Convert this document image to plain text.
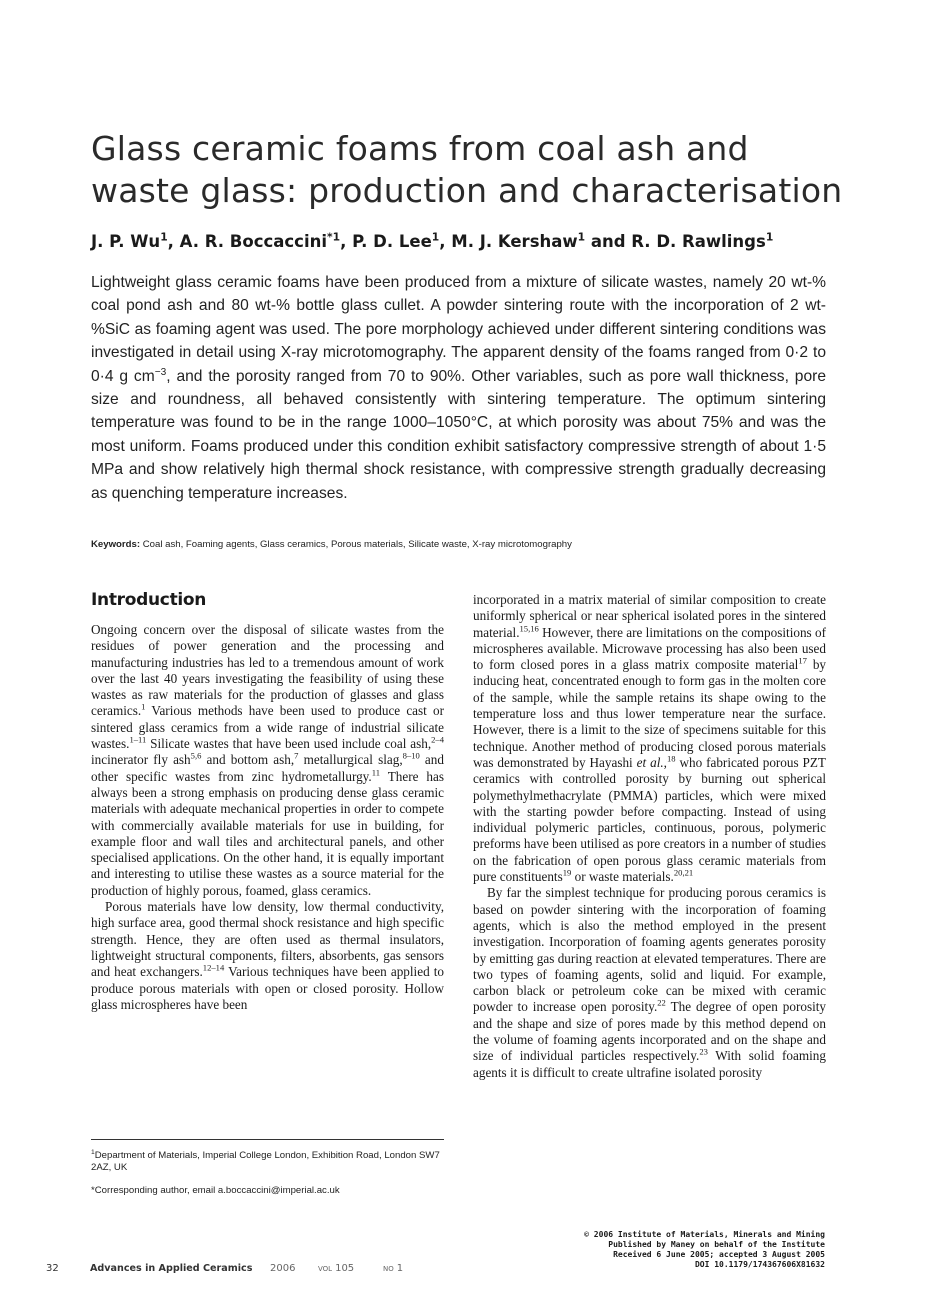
Glass ceramic foams from coal ash and waste glass: production and characterisation
J. P. Wu$^1$, A. R. Boccaccini$^{*1}$, P. D. Lee$^1$, M. J. Kershaw$^1$ and R. D. Rawlings$^1$
Lightweight glass ceramic foams have been produced from a mixture of silicate wastes, namely 20 wt-% coal pond ash and 80 wt-% bottle glass cullet. A powder sintering route with the incorporation of 2 wt-%SiC as foaming agent was used. The pore morphology achieved under different sintering conditions was investigated in detail using X-ray microtomography. The apparent density of the foams ranged from 0·2 to 0·4 g $cm^{-3}$, and the porosity ranged from 70 to 90%. Other variables, such as pore wall thickness, pore size and roundness, all behaved consistently with sintering temperature. The optimum sintering temperature was found to be in the range 1000–1050°C, at which porosity was about 75% and was the most uniform. Foams produced under this condition exhibit satisfactory compressive strength of about 1·5 MPa and show relatively high thermal shock resistance, with compressive strength gradually decreasing as quenching temperature increases.
Keywords: Coal ash, Foaming agents, Glass ceramics, Porous materials, Silicate waste, X-ray microtomography
Introduction

Ongoing concern over the disposal of silicate wastes from the residues of power generation and the processing and manufacturing industries has led to a tremendous amount of work over the last 40 years investigating the feasibility of using these wastes as raw materials for the production of glasses and glass ceramics.$^1$ Various methods have been used to produce cast or sintered glass ceramics from a wide range of industrial silicate wastes.$^{1-11}$ Silicate wastes that have been used include coal ash,$^{2-4}$ incinerator fly ash$^{5,6}$ and bottom ash,$^7$ metallurgical slag,$^{8-10}$ and other specific wastes from zinc hydrometallurgy.$^{11}$ There has always been a strong emphasis on producing dense glass ceramic materials with adequate mechanical properties in order to compete with commercially available materials for use in building, for example floor and wall tiles and architectural panels, and other specialised applications. On the other hand, it is equally important and interesting to utilise these wastes as a source material for the production of highly porous, foamed, glass ceramics.

Porous materials have low density, low thermal conductivity, high surface area, good thermal shock resistance and high specific strength. Hence, they are often used as thermal insulators, lightweight structural components, filters, absorbents, gas sensors and heat exchangers.$^{12-14}$ Various techniques have been applied to produce porous materials with open or closed porosity. Hollow glass microspheres have been

incorporated in a matrix material of similar composition to create uniformly spherical or near spherical isolated pores in the sintered material.$^{15,16}$ However, there are limitations on the compositions of microspheres available. Microwave processing has also been used to form closed pores in a glass matrix composite material$^{17}$ by inducing heat, concentrated enough to form gas in the molten core of the sample, while the sample retains its shape owing to the temperature loss and thus lower temperature near the surface. However, there is a limit to the size of specimens suitable for this technique. Another method of producing closed porous materials was demonstrated by Hayashi et al.,$^{18}$ who fabricated porous PZT ceramics with controlled porosity by burning out spherical polymethylmethacrylate (PMMA) particles, which were mixed with the starting powder before compacting. Instead of using individual polymeric particles, continuous, porous, polymeric preforms have been utilised as pore creators in a number of studies on the fabrication of open porous glass ceramic materials from pure constituents$^{19}$ or waste materials.$^{20,21}$

By far the simplest technique for producing porous ceramics is based on powder sintering with the incorporation of foaming agents, which is also the method employed in the present investigation. Incorporation of foaming agents generates porosity by emitting gas during reaction at elevated temperatures. There are two types of foaming agents, solid and liquid. For example, carbon black or petroleum coke can be mixed with ceramic powder to increase open porosity.$^{22}$ The degree of open porosity and the shape and size of pores made by this method depend on the volume of foaming agents incorporated and on the shape and size of individual particles respectively.$^{23}$ With solid foaming agents it is difficult to create ultrafine isolated porosity

$^1$Department of Materials, Imperial College London, Exhibition Road, London SW7 2AZ, UK
*Corresponding author, email a.boccaccini@imperial.ac.uk
© 2006 Institute of Materials, Minerals and Mining
Published by Maney on behalf of the Institute
Received 6 June 2005; accepted 3 August 2005
DOI 10.1179/174367606X81632
32	Advances in Applied Ceramics 2006	VOL 105	NO 1
